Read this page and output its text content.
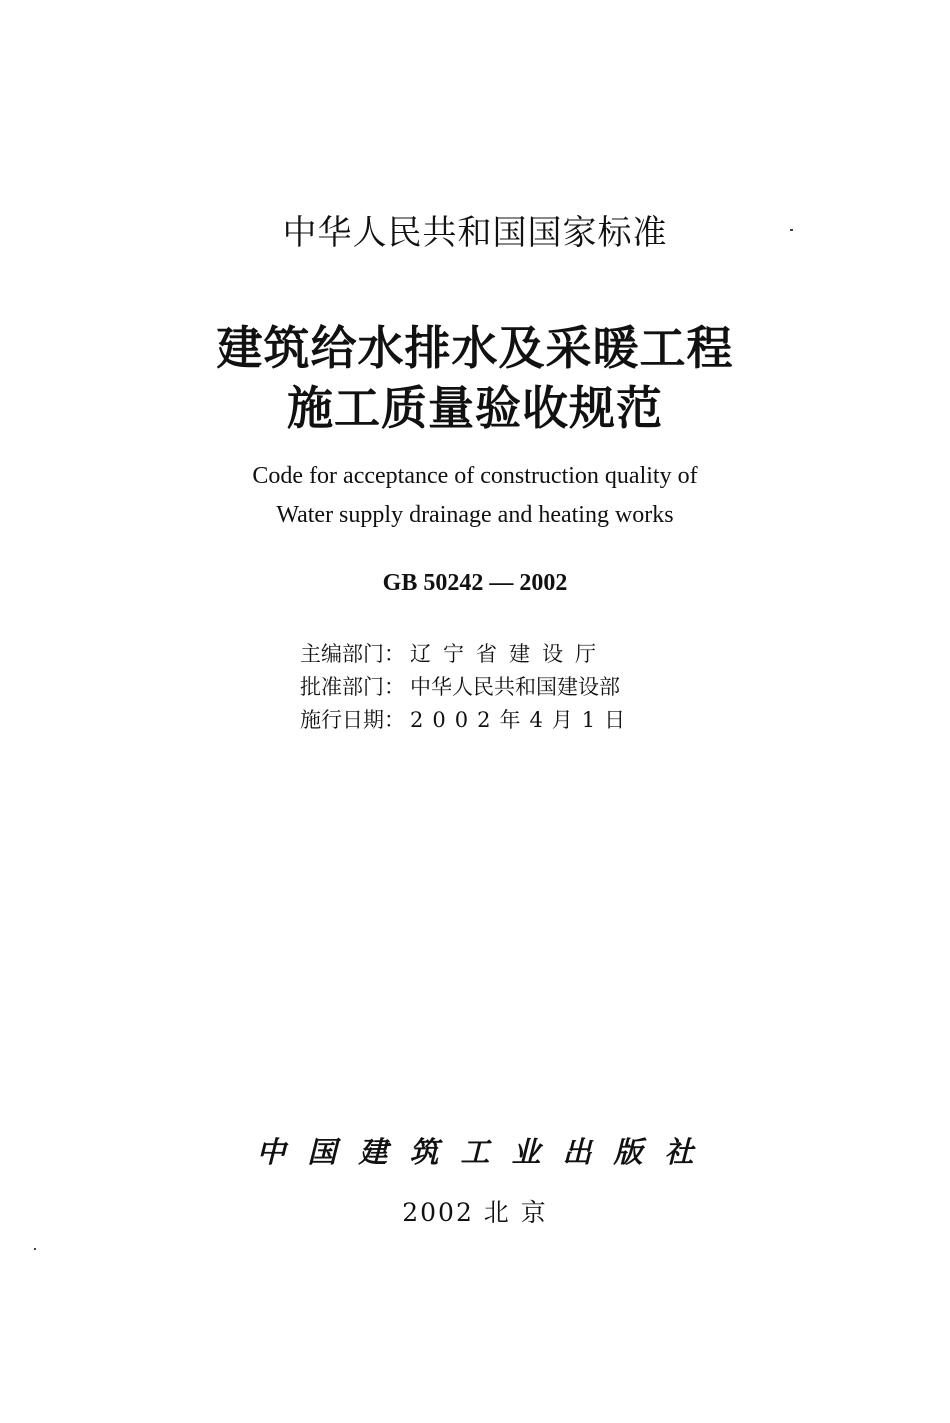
中华人民共和国国家标准
建筑给水排水及采暖工程
施工质量验收规范
Code for acceptance of construction quality of
Water supply drainage and heating works
GB 50242 — 2002
主编部门： 辽宁省建设厅
批准部门： 中华人民共和国建设部
施行日期： 2002年4月1日
中国建筑工业出版社
2002 北 京
